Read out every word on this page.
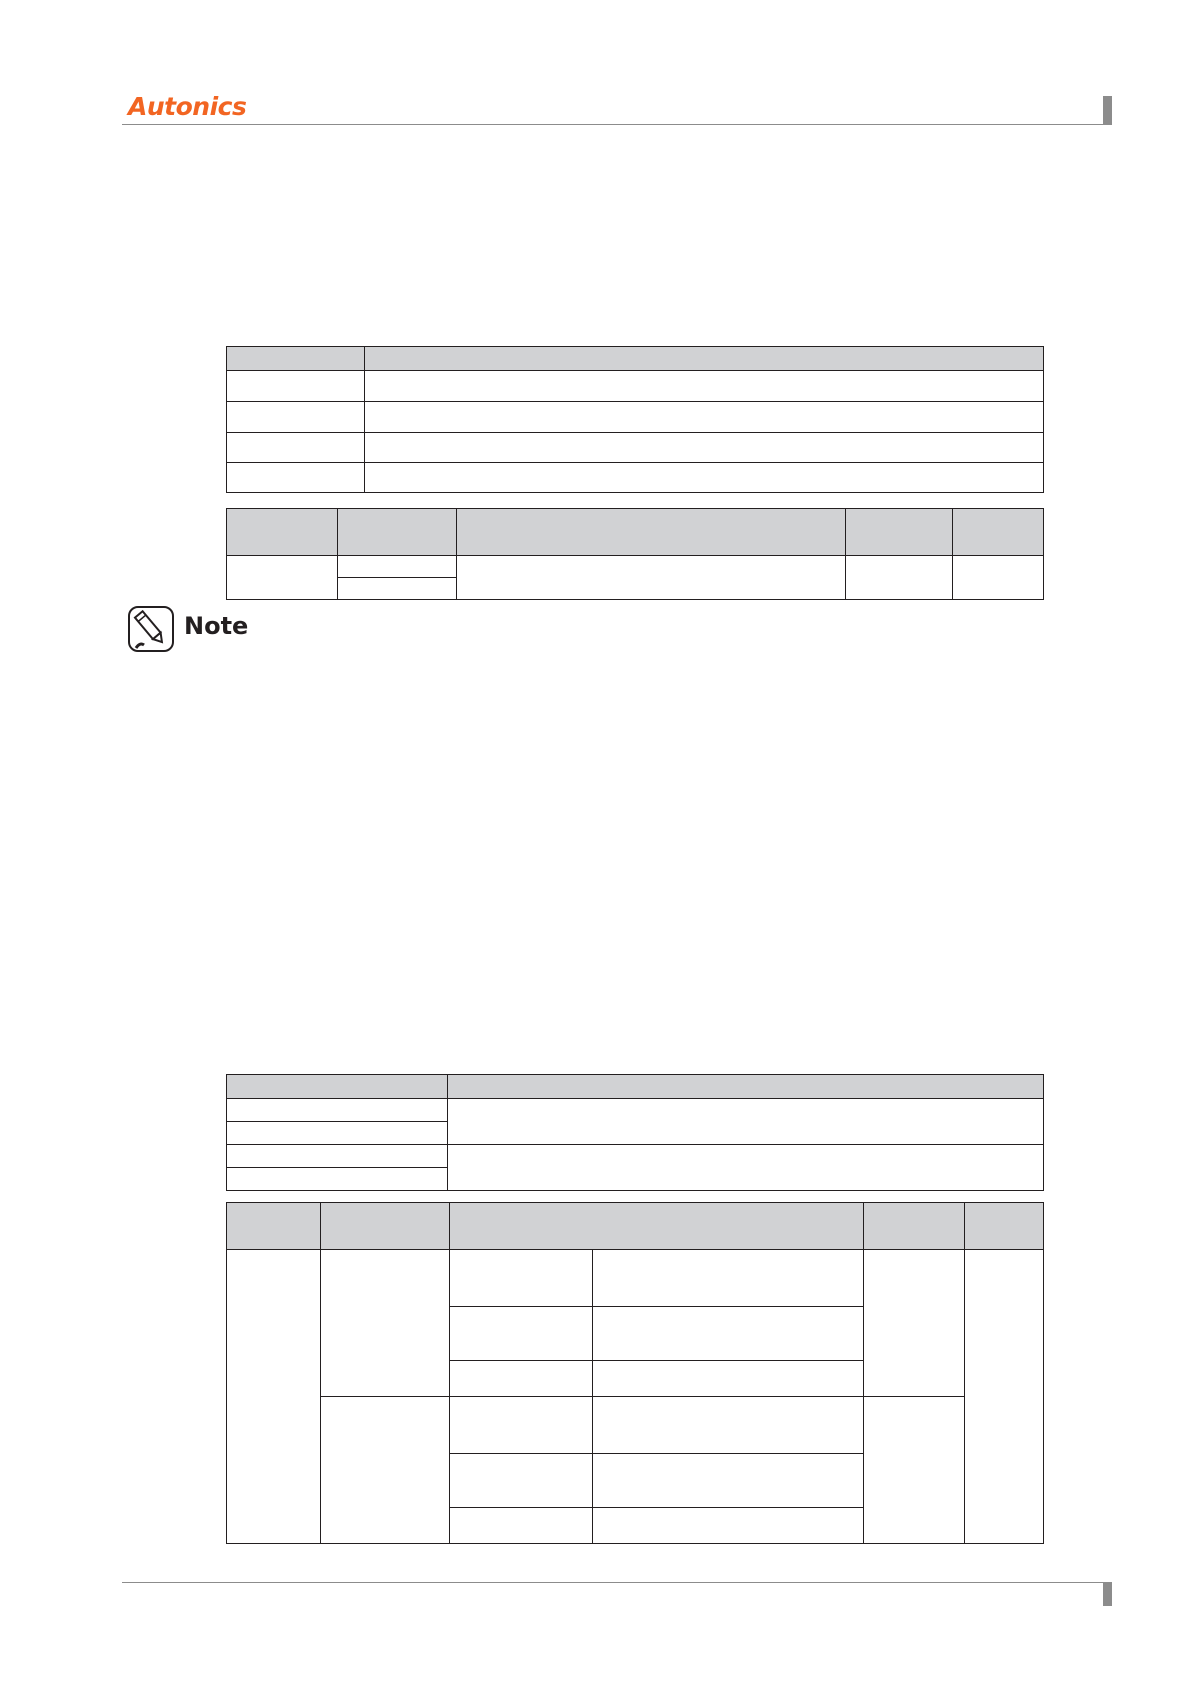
Autonics

Note
